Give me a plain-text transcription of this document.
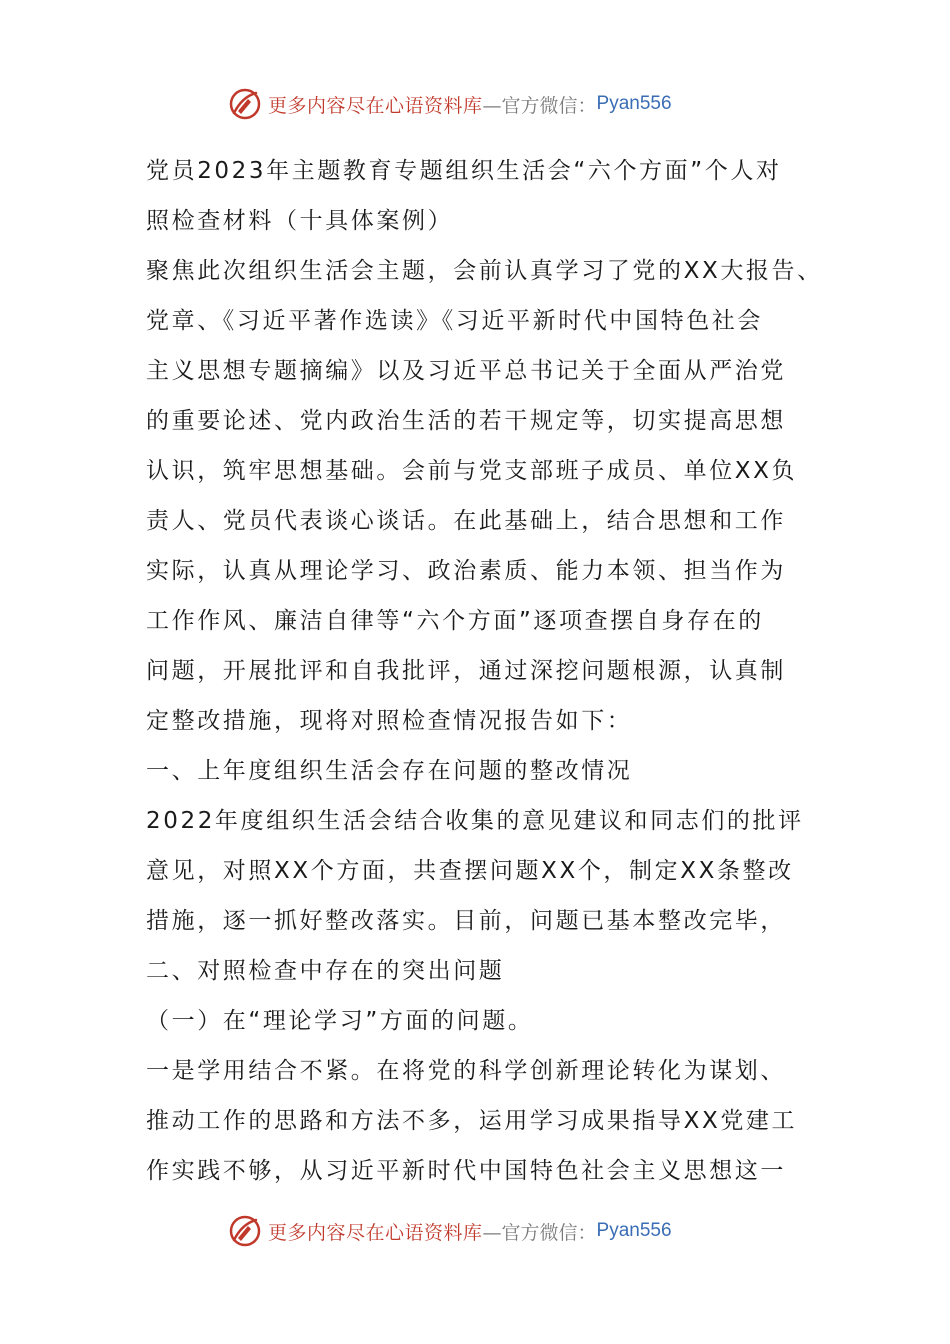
更多内容尽在心语资料库 —官方微信： Pyan556
党员2023年主题教育专题组织生活会“六个方面”个人对
照检查材料（十具体案例）
聚焦此次组织生活会主题，会前认真学习了党的XX大报告、
党章、《习近平著作选读》《习近平新时代中国特色社会
主义思想专题摘编》以及习近平总书记关于全面从严治党
的重要论述、党内政治生活的若干规定等，切实提高思想
认识，筑牢思想基础。会前与党支部班子成员、单位XX负
责人、党员代表谈心谈话。在此基础上，结合思想和工作
实际，认真从理论学习、政治素质、能力本领、担当作为
工作作风、廉洁自律等“六个方面”逐项查摆自身存在的
问题，开展批评和自我批评，通过深挖问题根源，认真制
定整改措施，现将对照检查情况报告如下：
一、上年度组织生活会存在问题的整改情况
2022年度组织生活会结合收集的意见建议和同志们的批评
意见，对照XX个方面，共查摆问题XX个，制定XX条整改
措施，逐一抓好整改落实。目前，问题已基本整改完毕，
二、对照检查中存在的突出问题
（一）在“理论学习”方面的问题。
一是学用结合不紧。在将党的科学创新理论转化为谋划、
推动工作的思路和方法不多，运用学习成果指导XX党建工
作实践不够，从习近平新时代中国特色社会主义思想这一
更多内容尽在心语资料库 —官方微信： Pyan556
